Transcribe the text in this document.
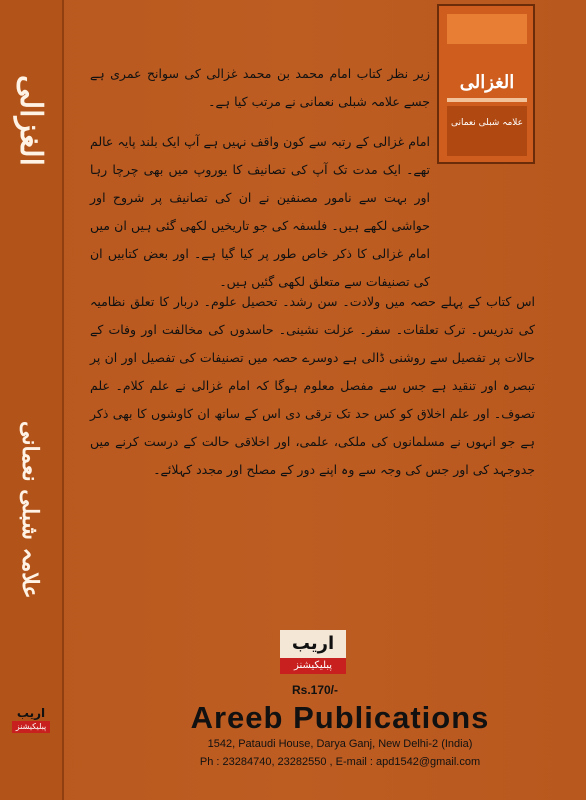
الغزالی
علامہ شبلی نعمانی
اریب
پبلیکیشنز
الغزالی
علامہ شبلی نعمانی

زیر نظر کتاب امام محمد بن محمد غزالی کی سوانح عمری ہے جسے علامہ شبلی نعمانی نے مرتب کیا ہے۔

امام غزالی کے رتبہ سے کون واقف نہیں ہے آپ ایک بلند پایہ عالم تھے۔ ایک مدت تک آپ کی تصانیف کا یوروپ میں بھی چرچا رہا اور بہت سے نامور مصنفین نے ان کی تصانیف پر شروح اور حواشی لکھے ہیں۔ فلسفہ کی جو تاریخیں لکھی گئی ہیں ان میں امام غزالی کا ذکر خاص طور پر کیا گیا ہے۔ اور بعض کتابیں ان کی تصنیفات سے متعلق لکھی گئیں ہیں۔

اس کتاب کے پہلے حصہ میں ولادت۔ سن رشد۔ تحصیل علوم۔ دربار کا تعلق نظامیہ کی تدریس۔ ترک تعلقات۔ سفر۔ عزلت نشینی۔ حاسدوں کی مخالفت اور وفات کے حالات پر تفصیل سے روشنی ڈالی ہے دوسرے حصہ میں تصنیفات کی تفصیل اور ان پر تبصرہ اور تنقید ہے جس سے مفصل معلوم ہوگا کہ امام غزالی نے علم کلام۔ علم تصوف۔ اور علم اخلاق کو کس حد تک ترقی دی اس کے ساتھ ان کاوشوں کا بھی ذکر ہے جو انہوں نے مسلمانوں کی ملکی، علمی، اور اخلاقی حالت کے درست کرنے میں جدوجہد کی اور جس کی وجہ سے وہ اپنے دور کے مصلح اور مجدد کہلائے۔

اریب
پبلیکیشنز
Rs.170/-
Areeb Publications
1542, Pataudi House, Darya Ganj, New Delhi-2 (India)
Ph : 23284740, 23282550 , E-mail : apd1542@gmail.com
